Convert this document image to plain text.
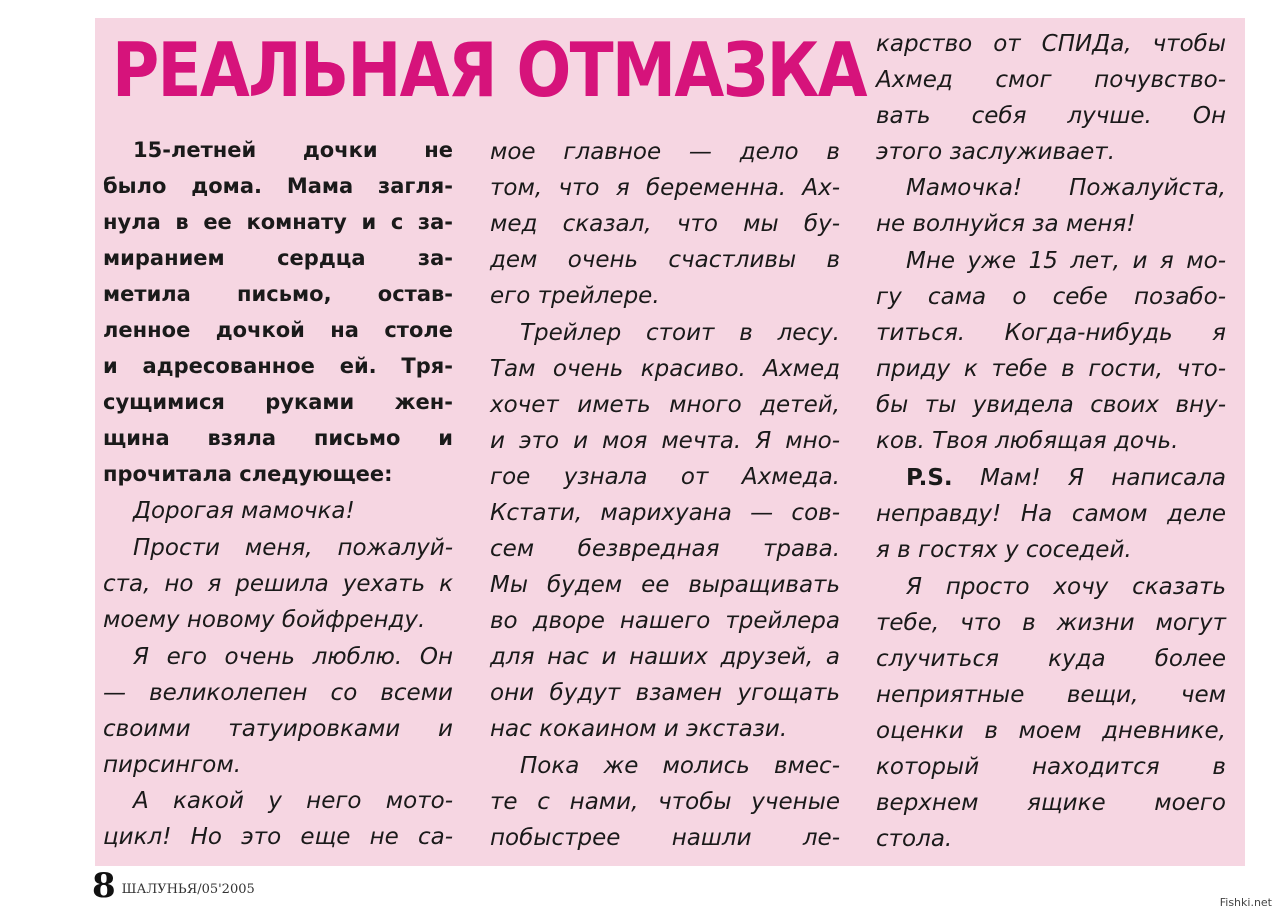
РЕАЛЬНАЯ ОТМАЗКА
15-летней дочки не
было дома. Мама загля-
нула в ее комнату и с за-
миранием сердца за-
метила письмо, остав-
ленное дочкой на столе
и адресованное ей. Тря-
сущимися руками жен-
щина взяла письмо и
прочитала следующее:
Дорогая мамочка!
Прости меня, пожалуй-
ста, но я решила уехать к
моему новому бойфренду.
Я его очень люблю. Он
— великолепен со всеми
своими татуировками и
пирсингом.
А какой у него мото-
цикл! Но это еще не са-
мое главное — дело в
том, что я беременна. Ах-
мед сказал, что мы бу-
дем очень счастливы в
его трейлере.
Трейлер стоит в лесу.
Там очень красиво. Ахмед
хочет иметь много детей,
и это и моя мечта. Я мно-
гое узнала от Ахмеда.
Кстати, марихуана — сов-
сем безвредная трава.
Мы будем ее выращивать
во дворе нашего трейлера
для нас и наших друзей, а
они будут взамен угощать
нас кокаином и экстази.
Пока же молись вмес-
те с нами, чтобы ученые
побыстрее нашли ле-
карство от СПИДа, чтобы
Ахмед смог почувство-
вать себя лучше. Он
этого заслуживает.
Мамочка! Пожалуйста,
не волнуйся за меня!
Мне уже 15 лет, и я мо-
гу сама о себе позабо-
титься. Когда-нибудь я
приду к тебе в гости, что-
бы ты увидела своих вну-
ков. Твоя любящая дочь.
P.S. Мам! Я написала
неправду! На самом деле
я в гостях у соседей.
Я просто хочу сказать
тебе, что в жизни могут
случиться куда более
неприятные вещи, чем
оценки в моем дневнике,
который находится в
верхнем ящике моего
стола.
8 $^{ШАЛУНЬЯ/05'2005}$
Fishki.net
